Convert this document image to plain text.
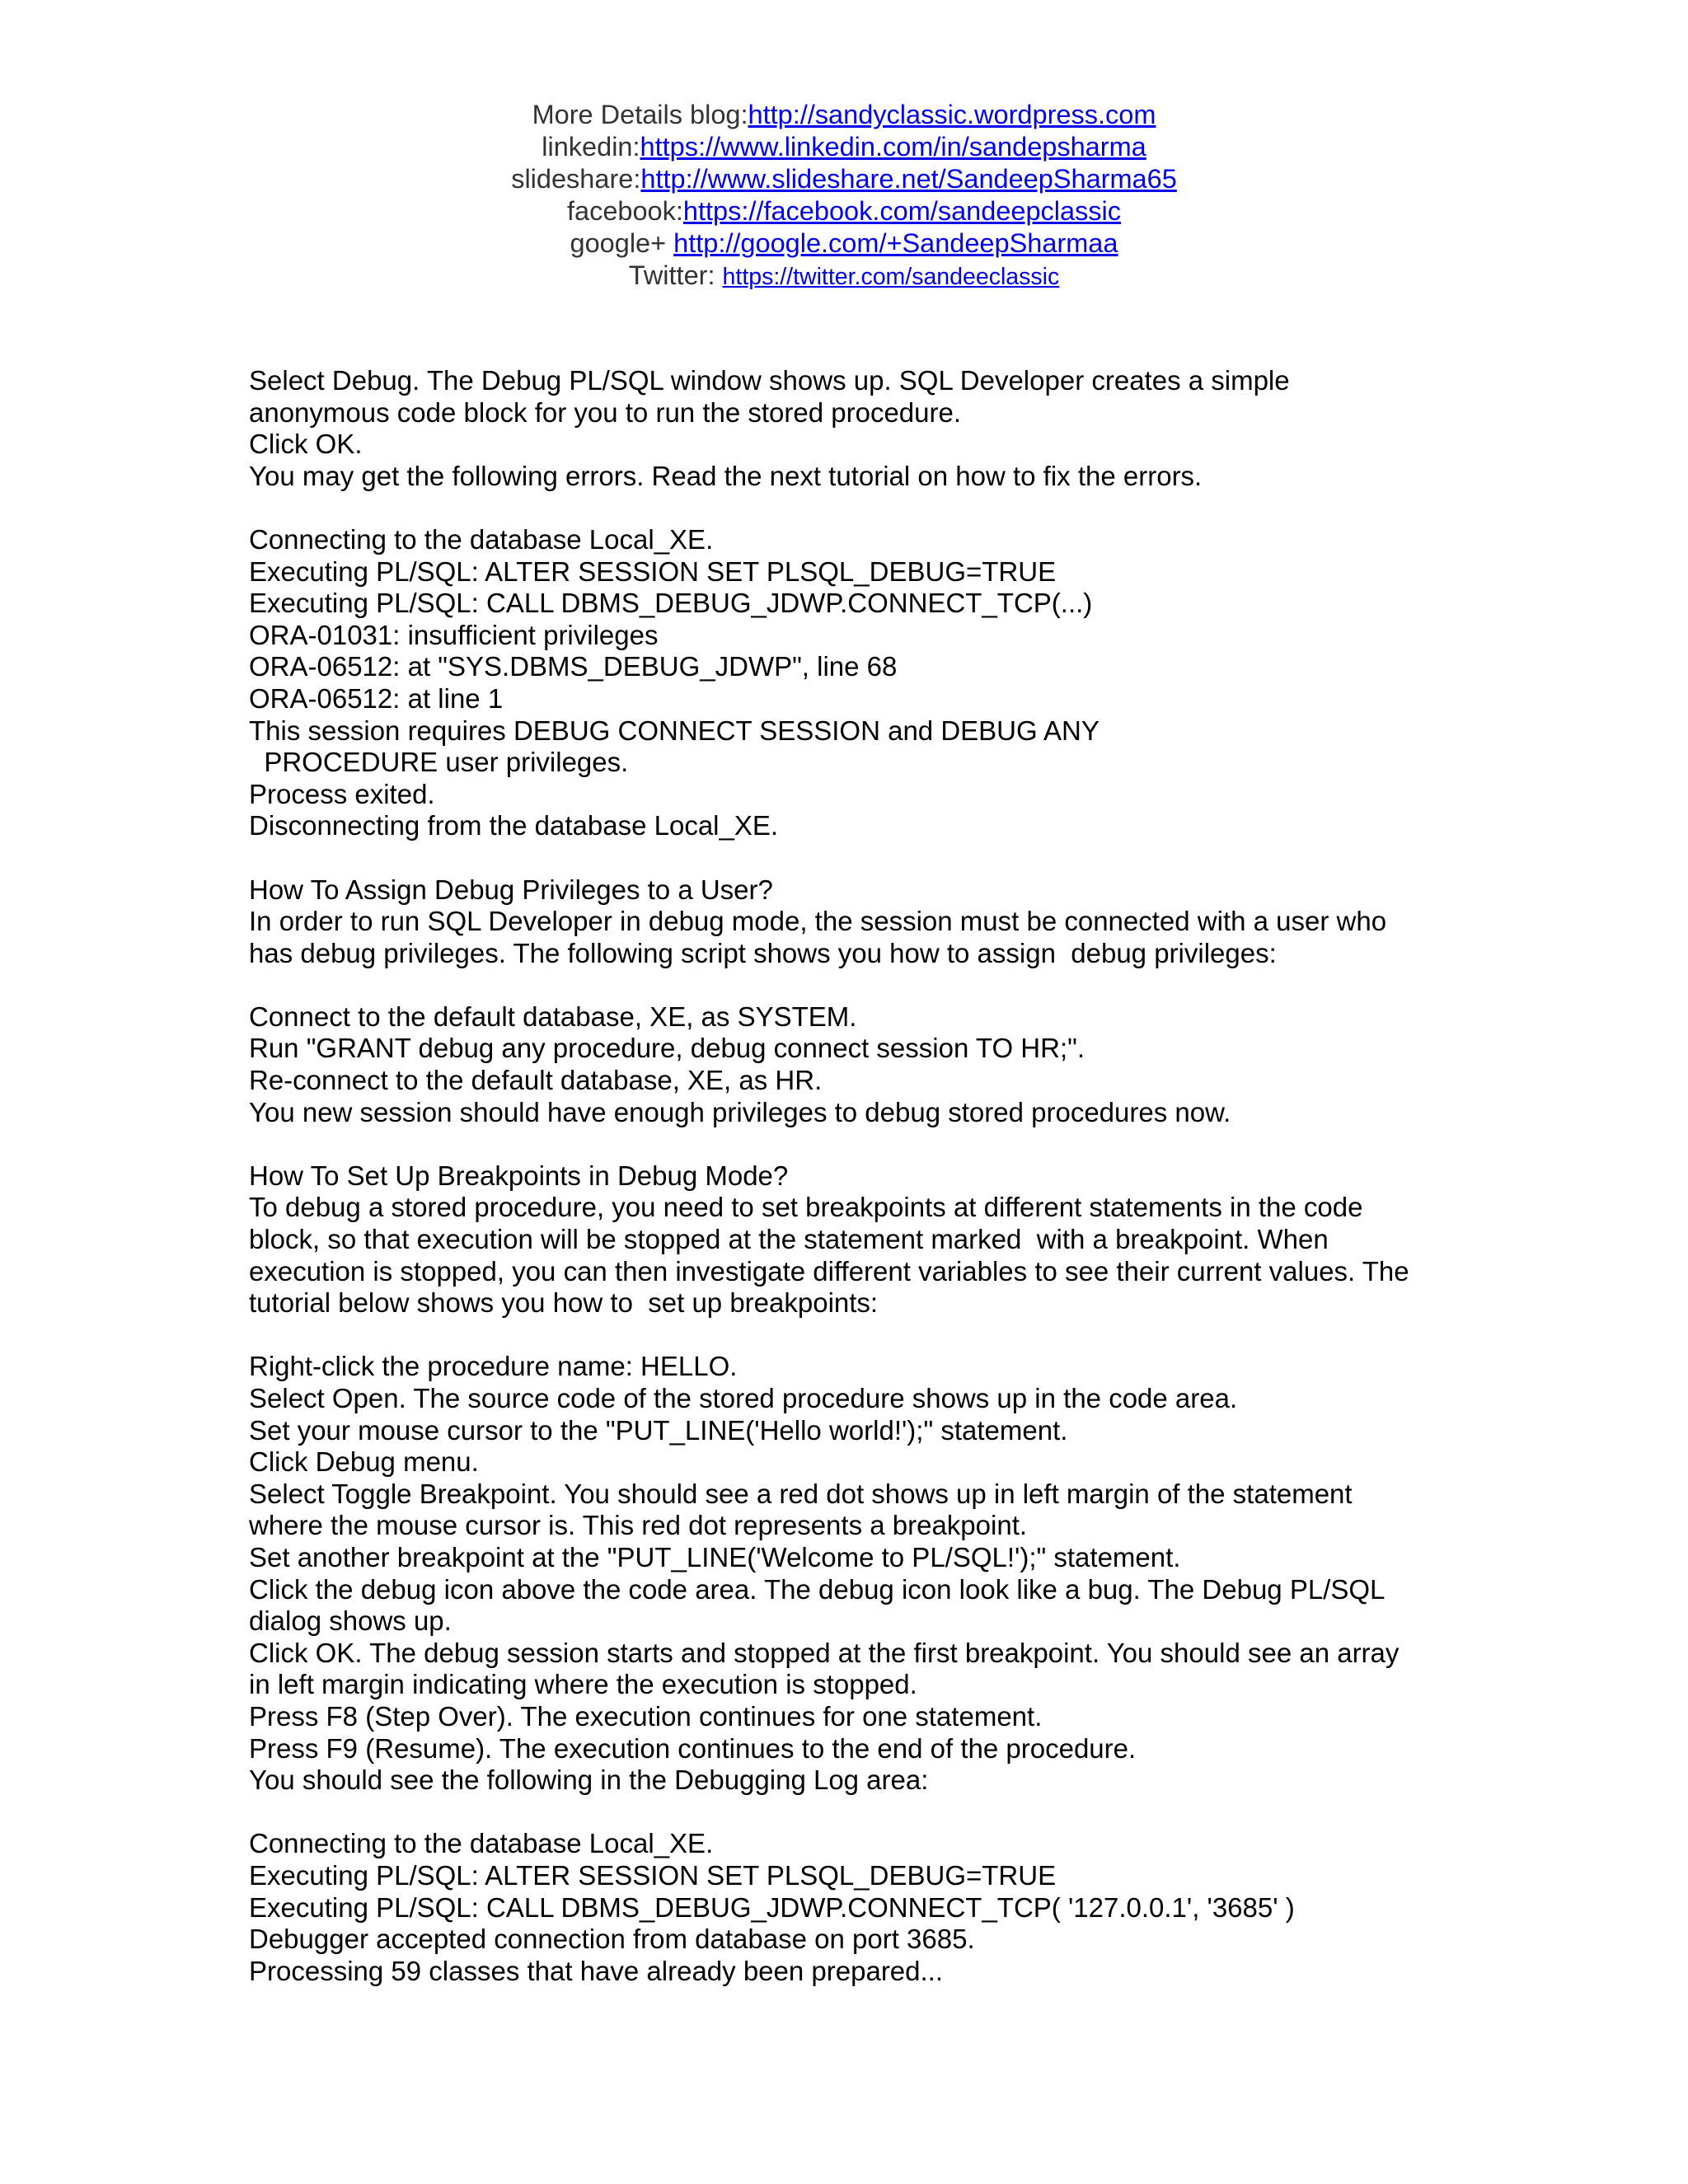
More Details blog:http://sandyclassic.wordpress.com
linkedin:https://www.linkedin.com/in/sandepsharma
slideshare:http://www.slideshare.net/SandeepSharma65
facebook:https://facebook.com/sandeepclassic
google+ http://google.com/+SandeepSharmaa
Twitter: https://twitter.com/sandeeclassic
Select Debug. The Debug PL/SQL window shows up. SQL Developer creates a simple
anonymous code block for you to run the stored procedure.
Click OK.
You may get the following errors. Read the next tutorial on how to fix the errors.
Connecting to the database Local_XE.
Executing PL/SQL: ALTER SESSION SET PLSQL_DEBUG=TRUE
Executing PL/SQL: CALL DBMS_DEBUG_JDWP.CONNECT_TCP(...)
ORA-01031: insufficient privileges
ORA-06512: at "SYS.DBMS_DEBUG_JDWP", line 68
ORA-06512: at line 1
This session requires DEBUG CONNECT SESSION and DEBUG ANY
PROCEDURE user privileges.
Process exited.
Disconnecting from the database Local_XE.
How To Assign Debug Privileges to a User?
In order to run SQL Developer in debug mode, the session must be connected with a user who
has debug privileges. The following script shows you how to assign  debug privileges:
Connect to the default database, XE, as SYSTEM.
Run "GRANT debug any procedure, debug connect session TO HR;".
Re-connect to the default database, XE, as HR.
You new session should have enough privileges to debug stored procedures now.
How To Set Up Breakpoints in Debug Mode?
To debug a stored procedure, you need to set breakpoints at different statements in the code
block, so that execution will be stopped at the statement marked  with a breakpoint. When
execution is stopped, you can then investigate different variables to see their current values. The
tutorial below shows you how to  set up breakpoints:
Right-click the procedure name: HELLO.
Select Open. The source code of the stored procedure shows up in the code area.
Set your mouse cursor to the "PUT_LINE('Hello world!');" statement.
Click Debug menu.
Select Toggle Breakpoint. You should see a red dot shows up in left margin of the statement
where the mouse cursor is. This red dot represents a breakpoint.
Set another breakpoint at the "PUT_LINE('Welcome to PL/SQL!');" statement.
Click the debug icon above the code area. The debug icon look like a bug. The Debug PL/SQL
dialog shows up.
Click OK. The debug session starts and stopped at the first breakpoint. You should see an array
in left margin indicating where the execution is stopped.
Press F8 (Step Over). The execution continues for one statement.
Press F9 (Resume). The execution continues to the end of the procedure.
You should see the following in the Debugging Log area:
Connecting to the database Local_XE.
Executing PL/SQL: ALTER SESSION SET PLSQL_DEBUG=TRUE
Executing PL/SQL: CALL DBMS_DEBUG_JDWP.CONNECT_TCP( '127.0.0.1', '3685' )
Debugger accepted connection from database on port 3685.
Processing 59 classes that have already been prepared...
